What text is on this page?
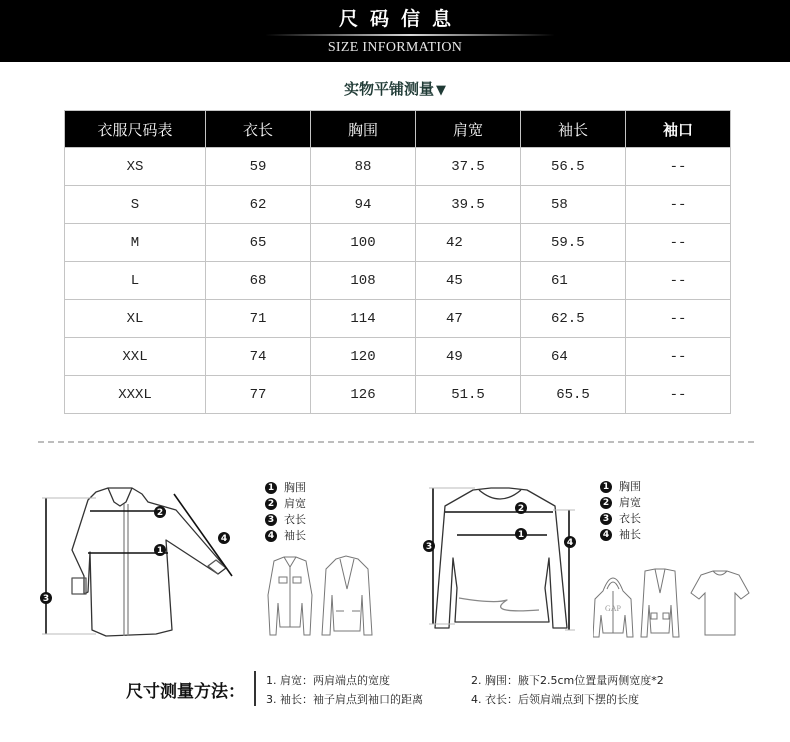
尺码信息
SIZE INFORMATION
实物平铺测量 ▼
衣服尺码表	衣长	胸围	肩宽	袖长	袖口
XS	59	88	37.5	56.5	--
S	62	94	39.5	58	--
M	65	100	42	59.5	--
L	68	108	45	61	--
XL	71	114	47	62.5	--
XXL	74	120	49	64	--
XXXL	77	126	51.5	65.5	--
2
1
3
4
1 胸围
2 肩宽
3 衣长
4 袖长
2
1
3	4
1 胸围
2 肩宽
3 衣长
4 袖长
GAP
尺寸测量方法：
1. 肩宽：两肩端点的宽度	2. 胸围：腋下2.5cm位置量两侧宽度*2
3. 袖长：袖子肩点到袖口的距离	4. 衣长：后领肩端点到下摆的长度
